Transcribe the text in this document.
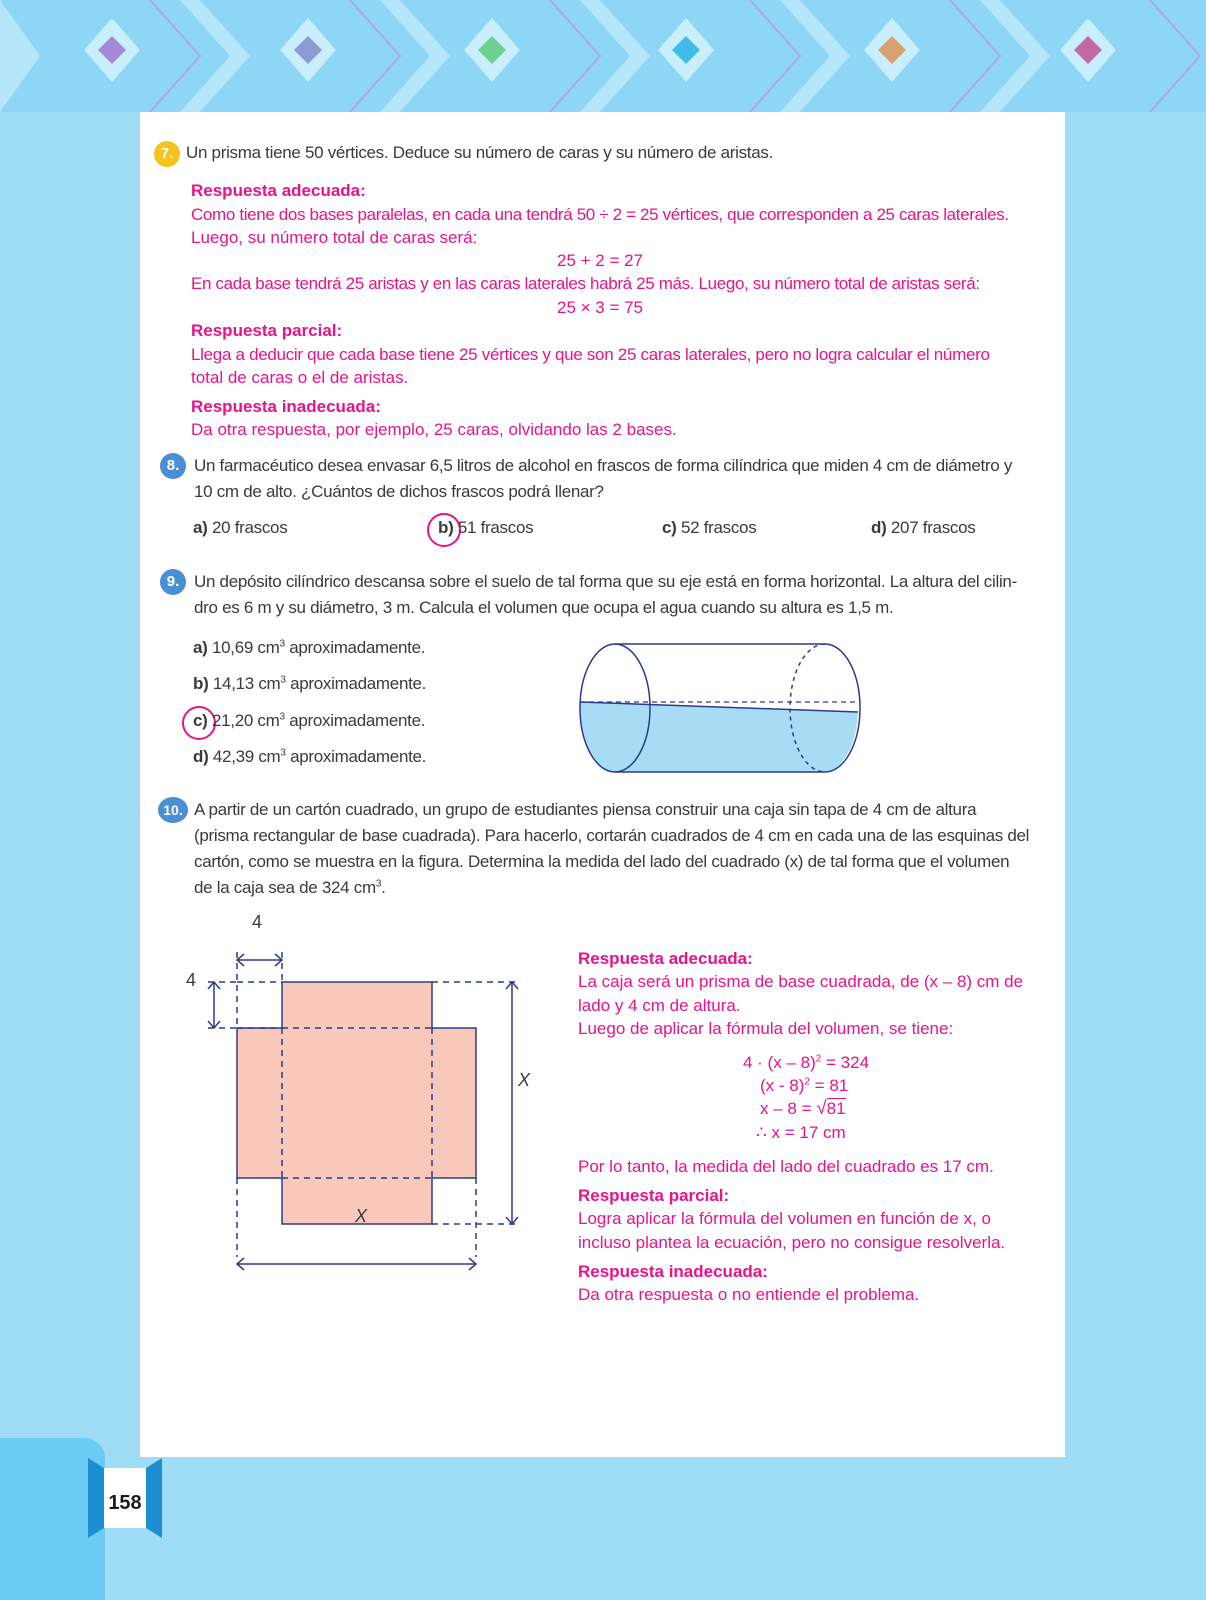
158
7. Un prisma tiene 50 vértices. Deduce su número de caras y su número de aristas.
Respuesta adecuada:
Como tiene dos bases paralelas, en cada una tendrá 50 ÷ 2 = 25 vértices, que corresponden a 25 caras laterales.
Luego, su número total de caras será:
25 + 2 = 27
En cada base tendrá 25 aristas y en las caras laterales habrá 25 más. Luego, su número total de aristas será:
25 × 3 = 75
Respuesta parcial:
Llega a deducir que cada base tiene 25 vértices y que son 25 caras laterales, pero no logra calcular el número
total de caras o el de aristas.
Respuesta inadecuada:
Da otra respuesta, por ejemplo, 25 caras, olvidando las 2 bases.
8. Un farmacéutico desea envasar 6,5 litros de alcohol en frascos de forma cilíndrica que miden 4 cm de diámetro y
10 cm de alto. ¿Cuántos de dichos frascos podrá llenar?
a) 20 frascos	b) 51 frascos	c) 52 frascos	d) 207 frascos
9. Un depósito cilíndrico descansa sobre el suelo de tal forma que su eje está en forma horizontal. La altura del cilin-
dro es 6 m y su diámetro, 3 m. Calcula el volumen que ocupa el agua cuando su altura es 1,5 m.
a) 10,69 $cm^3$ aproximadamente.
b) 14,13 $cm^3$ aproximadamente.
c) 21,20 $cm^3$ aproximadamente.
d) 42,39 $cm^3$ aproximadamente.
10. A partir de un cartón cuadrado, un grupo de estudiantes piensa construir una caja sin tapa de 4 cm de altura
(prisma rectangular de base cuadrada). Para hacerlo, cortarán cuadrados de 4 cm en cada una de las esquinas del
cartón, como se muestra en la figura. Determina la medida del lado del cuadrado (x) de tal forma que el volumen
de la caja sea de 324 $cm^3$.
4
4
X
X
Respuesta adecuada:
La caja será un prisma de base cuadrada, de (x – 8) cm de
lado y 4 cm de altura.
Luego de aplicar la fórmula del volumen, se tiene:
4 · (x – 8)$^2$ = 324
(x - 8)$^2$ = 81
x – 8 = √81
∴ x = 17 cm
Por lo tanto, la medida del lado del cuadrado es 17 cm.
Respuesta parcial:
Logra aplicar la fórmula del volumen en función de x, o
incluso plantea la ecuación, pero no consigue resolverla.
Respuesta inadecuada:
Da otra respuesta o no entiende el problema.
